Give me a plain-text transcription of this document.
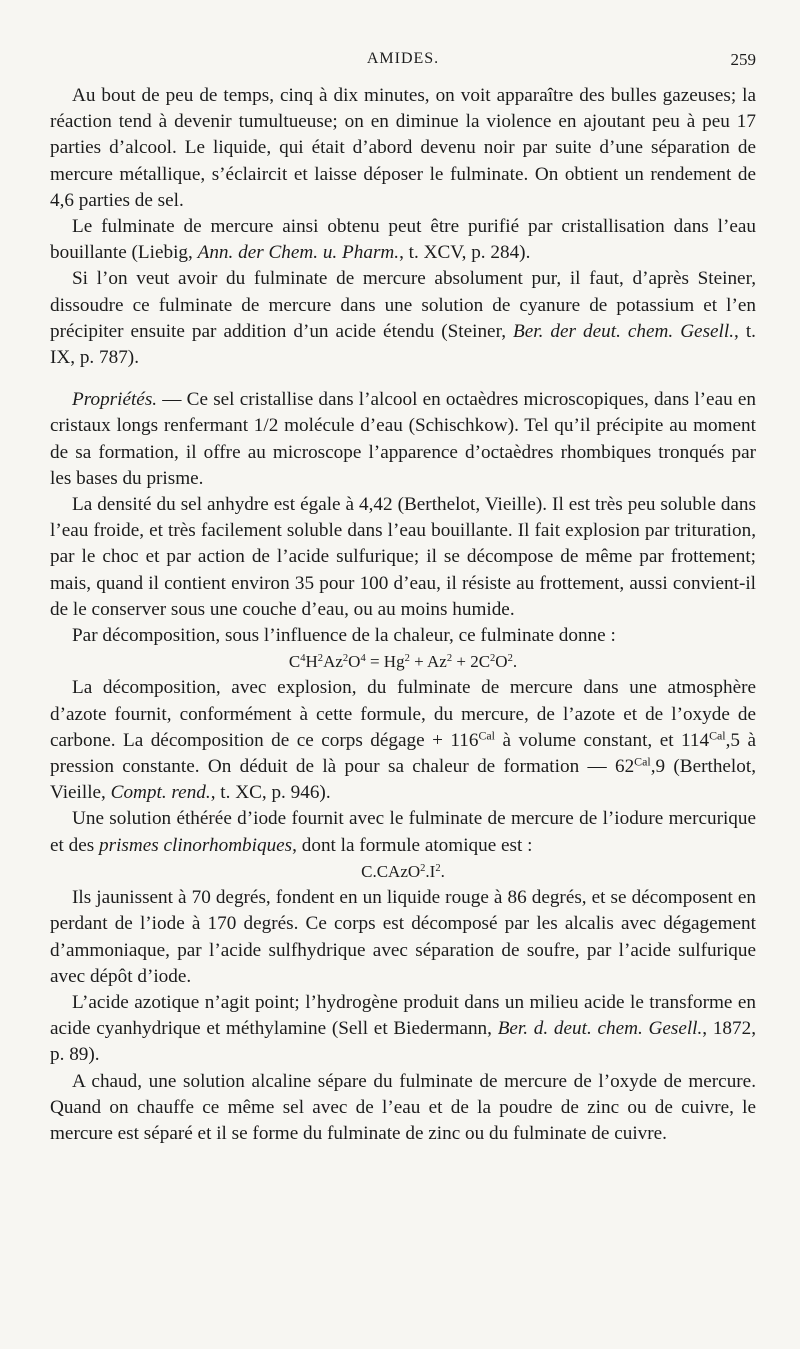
AMIDES.	259

Au bout de peu de temps, cinq à dix minutes, on voit apparaître des bulles gazeuses; la réaction tend à devenir tumultueuse; on en diminue la violence en ajoutant peu à peu 17 parties d’alcool. Le liquide, qui était d’abord devenu noir par suite d’une séparation de mercure métallique, s’éclaircit et laisse déposer le fulminate. On obtient un rendement de 4,6 parties de sel.

Le fulminate de mercure ainsi obtenu peut être purifié par cristallisation dans l’eau bouillante (Liebig, Ann. der Chem. u. Pharm., t. XCV, p. 284).

Si l’on veut avoir du fulminate de mercure absolument pur, il faut, d’après Steiner, dissoudre ce fulminate de mercure dans une solution de cyanure de potassium et l’en précipiter ensuite par addition d’un acide étendu (Steiner, Ber. der deut. chem. Gesell., t. IX, p. 787).

Propriétés. — Ce sel cristallise dans l’alcool en octaèdres microscopiques, dans l’eau en cristaux longs renfermant 1/2 molécule d’eau (Schischkow). Tel qu’il précipite au moment de sa formation, il offre au microscope l’apparence d’octaèdres rhombiques tronqués par les bases du prisme.

La densité du sel anhydre est égale à 4,42 (Berthelot, Vieille). Il est très peu soluble dans l’eau froide, et très facilement soluble dans l’eau bouillante. Il fait explosion par trituration, par le choc et par action de l’acide sulfurique; il se décompose de même par frottement; mais, quand il contient environ 35 pour 100 d’eau, il résiste au frottement, aussi convient-il de le conserver sous une couche d’eau, ou au moins humide.

Par décomposition, sous l’influence de la chaleur, ce fulminate donne :

$C^4H^2Az^2O^4 = Hg^2 + Az^2 + 2C^2O^2$.

La décomposition, avec explosion, du fulminate de mercure dans une atmosphère d’azote fournit, conformément à cette formule, du mercure, de l’azote et de l’oxyde de carbone. La décomposition de ce corps dégage + $116^{Cal}$ à volume constant, et $114^{Cal},5$ à pression constante. On déduit de là pour sa chaleur de formation — $62^{Cal},9$ (Berthelot, Vieille, Compt. rend., t. XC, p. 946).

Une solution éthérée d’iode fournit avec le fulminate de mercure de l’iodure mercurique et des prismes clinorhombiques, dont la formule atomique est :

$C.CAzO^2.I^2$.

Ils jaunissent à 70 degrés, fondent en un liquide rouge à 86 degrés, et se décomposent en perdant de l’iode à 170 degrés. Ce corps est décomposé par les alcalis avec dégagement d’ammoniaque, par l’acide sulfhydrique avec séparation de soufre, par l’acide sulfurique avec dépôt d’iode.

L’acide azotique n’agit point; l’hydrogène produit dans un milieu acide le transforme en acide cyanhydrique et méthylamine (Sell et Biedermann, Ber. d. deut. chem. Gesell., 1872, p. 89).

A chaud, une solution alcaline sépare du fulminate de mercure de l’oxyde de mercure. Quand on chauffe ce même sel avec de l’eau et de la poudre de zinc ou de cuivre, le mercure est séparé et il se forme du fulminate de zinc ou du fulminate de cuivre.
